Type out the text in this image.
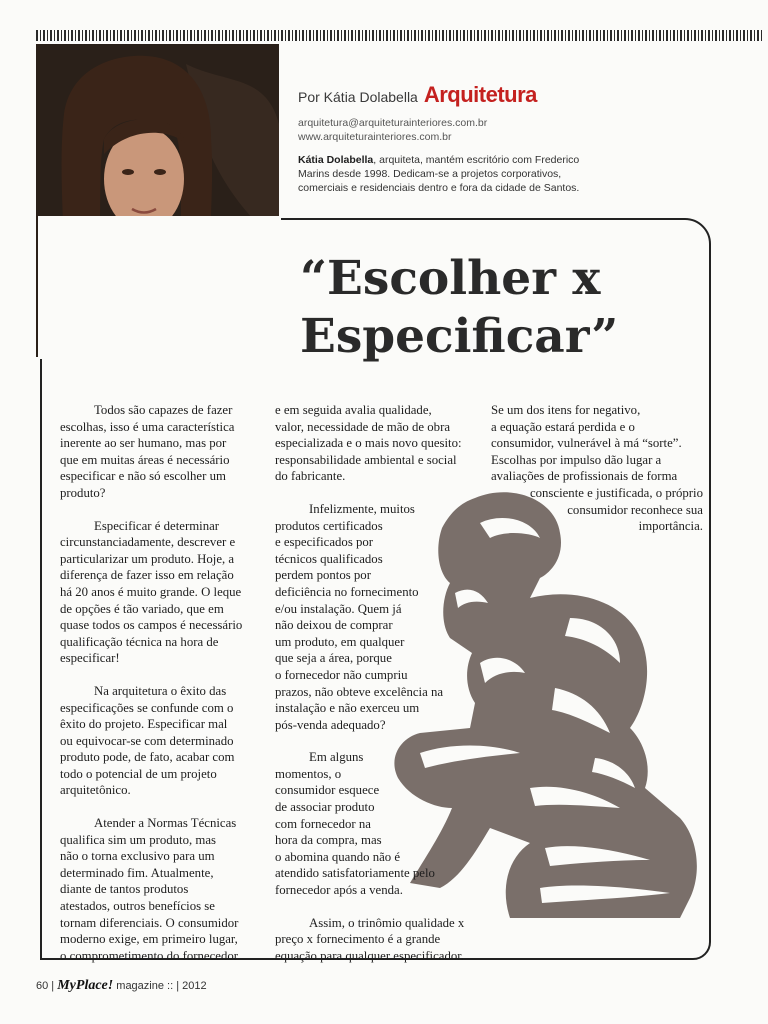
Por Kátia Dolabella Arquitetura
arquitetura@arquiteturainteriores.com.br
www.arquiteturainteriores.com.br

Kátia Dolabella, arquiteta, mantém escritório com Frederico Marins desde 1998. Dedicam-se a projetos corporativos, comerciais e residenciais dentro e fora da cidade de Santos.

“Escolher x
Especificar”

Todos são capazes de fazer
escolhas, isso é uma característica
inerente ao ser humano, mas por
que em muitas áreas é necessário
especificar e não só escolher um
produto?

Especificar é determinar
circunstanciadamente, descrever e
particularizar um produto. Hoje, a
diferença de fazer isso em relação
há 20 anos é muito grande. O leque
de opções é tão variado, que em
quase todos os campos é necessário
qualificação técnica na hora de
especificar!

Na arquitetura o êxito das
especificações se confunde com o
êxito do projeto. Especificar mal
ou equivocar-se com determinado
produto pode, de fato, acabar com
todo o potencial de um projeto
arquitetônico.

Atender a Normas Técnicas
qualifica sim um produto, mas
não o torna exclusivo para um
determinado fim. Atualmente,
diante de tantos produtos
atestados, outros benefícios se
tornam diferenciais. O consumidor
moderno exige, em primeiro lugar,
o comprometimento do fornecedor

e em seguida avalia qualidade,
valor, necessidade de mão de obra
especializada e o mais novo quesito:
responsabilidade ambiental e social
do fabricante.

Infelizmente, muitos
produtos certificados
e especificados por
técnicos qualificados
perdem pontos por
deficiência no fornecimento
e/ou instalação. Quem já
não deixou de comprar
um produto, em qualquer
que seja a área, porque
o fornecedor não cumpriu
prazos, não obteve excelência na
instalação e não exerceu um
pós-venda adequado?

Em alguns
momentos, o
consumidor esquece
de associar produto
com fornecedor na
hora da compra, mas
o abomina quando não é
atendido satisfatoriamente pelo
fornecedor após a venda.

Assim, o trinômio qualidade x
preço x fornecimento é a grande
equação para qualquer especificador.

Se um dos itens for negativo,
a equação estará perdida e o
consumidor, vulnerável à má “sorte”.
Escolhas por impulso dão lugar a
avaliações de profissionais de forma
consciente e justificada, o próprio
consumidor reconhece sua
importância.

60 | MyPlace! magazine :: | 2012
